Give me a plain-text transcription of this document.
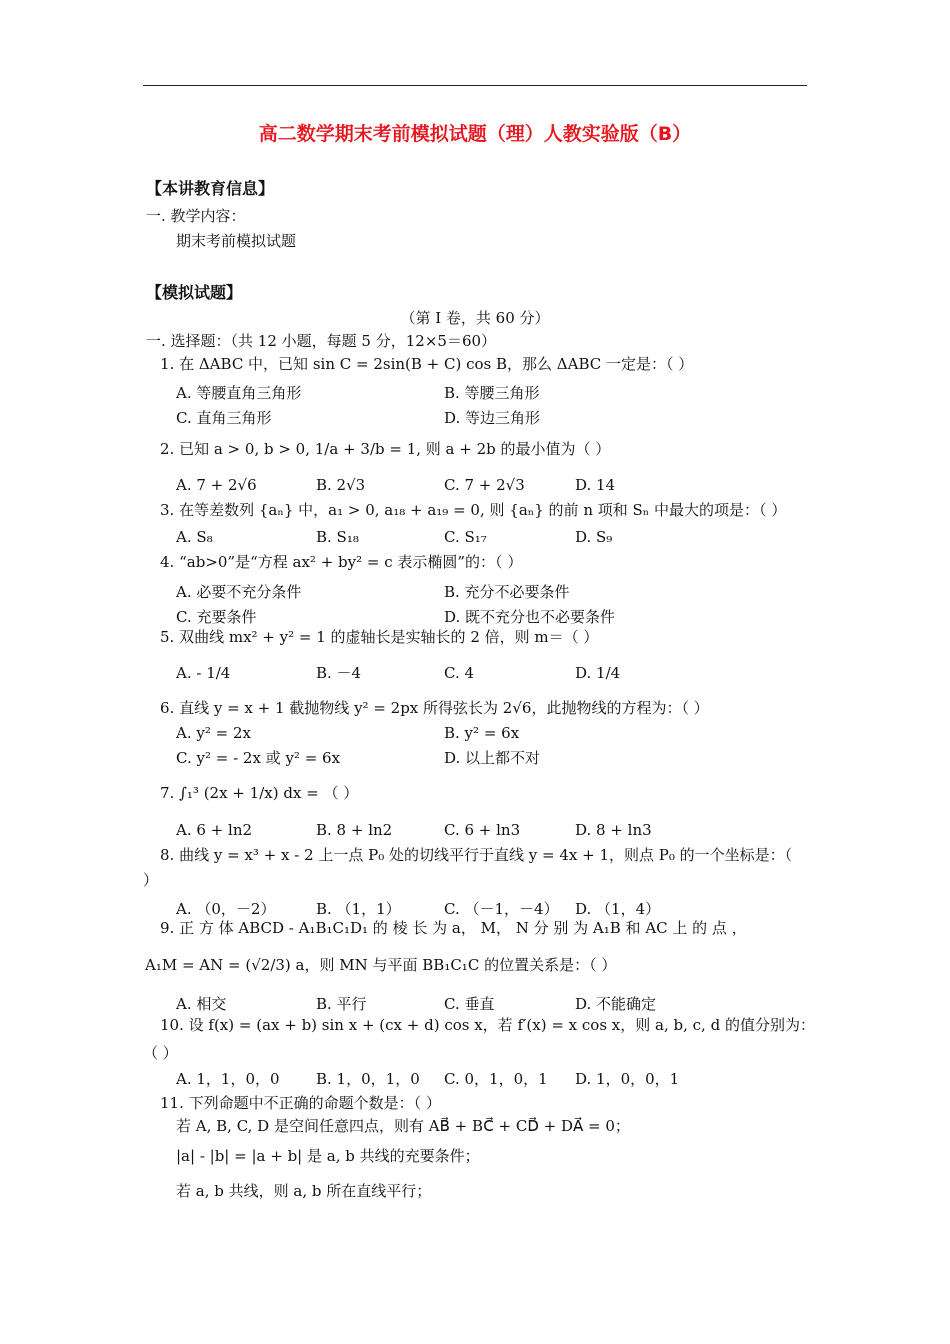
高二数学期末考前模拟试题（理）人教实验版（B）
【本讲教育信息】
一. 教学内容：
期末考前模拟试题
【模拟试题】
（第 I 卷，共 60 分）
一. 选择题：（共 12 小题，每题 5 分，12×5＝60）
1. 在 ΔABC 中，已知 sin C = 2sin(B + C) cos B，那么 ΔABC 一定是：（ ）
A. 等腰直角三角形	B. 等腰三角形
C. 直角三角形	D. 等边三角形
2. 已知 a > 0, b > 0, 1/a + 3/b = 1, 则 a + 2b 的最小值为（ ）
A. 7 + 2√6	B. 2√3	C. 7 + 2√3	D. 14
3. 在等差数列 {aₙ} 中，a₁ > 0, a₁₈ + a₁₉ = 0, 则 {aₙ} 的前 n 项和 Sₙ 中最大的项是：（ ）
A. S₈	B. S₁₈	C. S₁₇	D. S₉
4. “ab>0”是“方程 ax² + by² = c 表示椭圆”的：（ ）
A. 必要不充分条件	B. 充分不必要条件
C. 充要条件	D. 既不充分也不必要条件
5. 双曲线 mx² + y² = 1 的虚轴长是实轴长的 2 倍，则 m＝（ ）
A. - 1/4	B. －4	C. 4	D. 1/4
6. 直线 y = x + 1 截抛物线 y² = 2px 所得弦长为 2√6，此抛物线的方程为：（ ）
A. y² = 2x	B. y² = 6x
C. y² = - 2x 或 y² = 6x	D. 以上都不对
7. ∫₁³ (2x + 1/x) dx = （ ）
A. 6 + ln2	B. 8 + ln2	C. 6 + ln3	D. 8 + ln3
8. 曲线 y = x³ + x - 2 上一点 P₀ 处的切线平行于直线 y = 4x + 1，则点 P₀ 的一个坐标是：（
）
A. （0，－2）	B. （1，1）	C. （－1，－4） D. （1，4）
9. 正 方 体 ABCD - A₁B₁C₁D₁ 的 棱 长 为 a， M， N 分 别 为 A₁B 和 AC 上 的 点 ，
A₁M = AN = (√2/3) a，则 MN 与平面 BB₁C₁C 的位置关系是：（ ）
A. 相交	B. 平行	C. 垂直	D. 不能确定
10. 设 f(x) = (ax + b) sin x + (cx + d) cos x，若 f′(x) = x cos x，则 a, b, c, d 的值分别为：
（ ）
A. 1，1，0，0 B. 1，0，1，0 C. 0，1，0，1 D. 1，0，0，1
11. 下列命题中不正确的命题个数是：（ ）
若 A, B, C, D 是空间任意四点，则有 AB⃗ + BC⃗ + CD⃗ + DA⃗ = 0；
|a| - |b| = |a + b| 是 a, b 共线的充要条件；
若 a, b 共线，则 a, b 所在直线平行；
